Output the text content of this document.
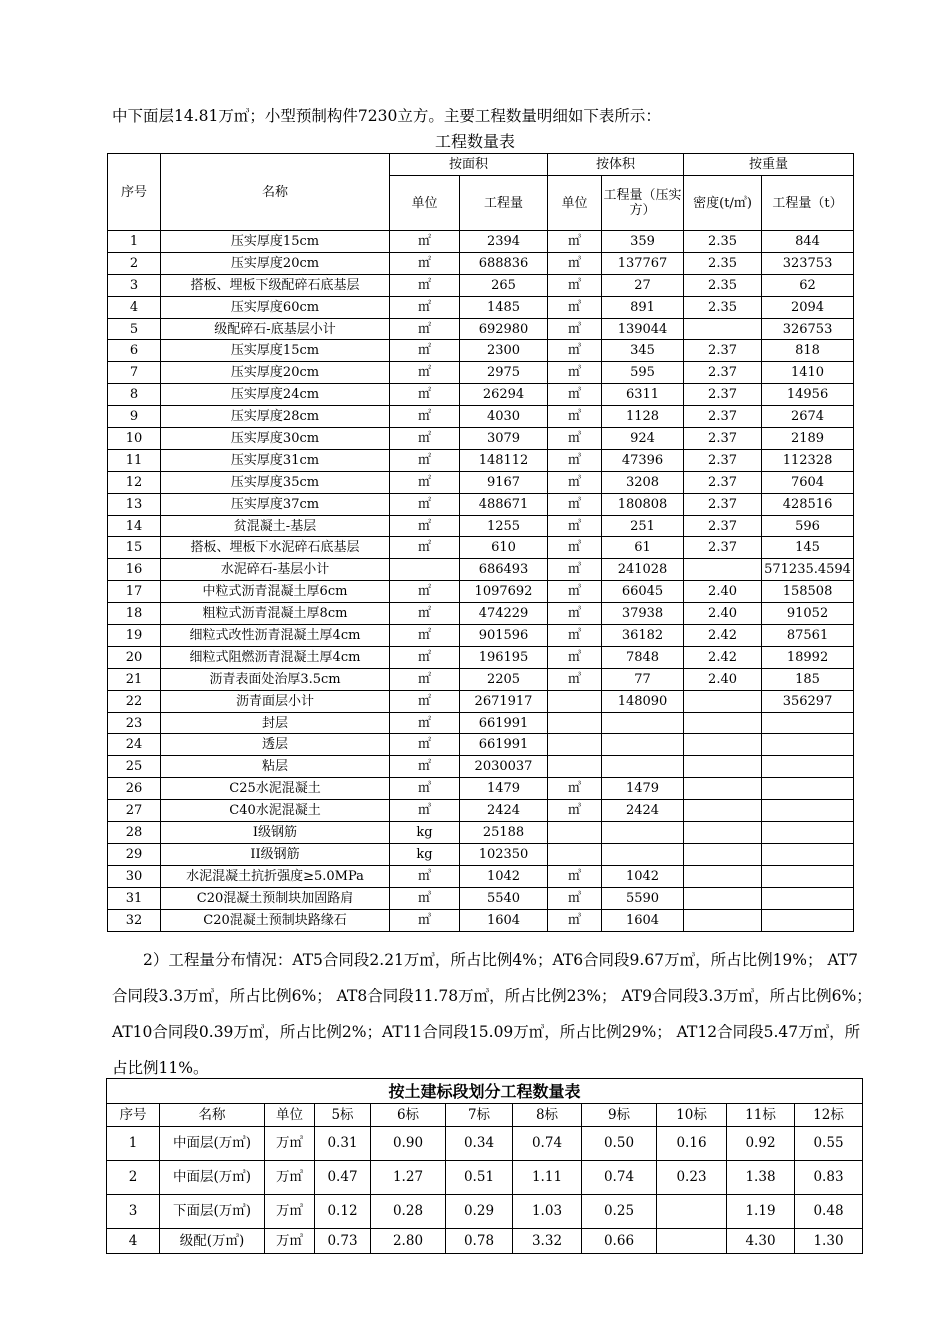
中下面层14.81万㎥；小型预制构件7230立方。主要工程数量明细如下表所示：
工程数量表
序号	名称	按面积		按体积		按重量	
		单位	工程量	单位	工程量（压实方）	密度(t/㎥)	工程量（t）
1	压实厚度15cm	㎡	2394	㎥	359	2.35	844
2	压实厚度20cm	㎡	688836	㎥	137767	2.35	323753
3	搭板、埋板下级配碎石底基层	㎡	265	㎥	27	2.35	62
4	压实厚度60cm	㎡	1485	㎥	891	2.35	2094
5	级配碎石-底基层小计	㎡	692980	㎥	139044		326753
6	压实厚度15cm	㎡	2300	㎥	345	2.37	818
7	压实厚度20cm	㎡	2975	㎥	595	2.37	1410
8	压实厚度24cm	㎡	26294	㎥	6311	2.37	14956
9	压实厚度28cm	㎡	4030	㎥	1128	2.37	2674
10	压实厚度30cm	㎡	3079	㎥	924	2.37	2189
11	压实厚度31cm	㎡	148112	㎥	47396	2.37	112328
12	压实厚度35cm	㎡	9167	㎥	3208	2.37	7604
13	压实厚度37cm	㎡	488671	㎥	180808	2.37	428516
14	贫混凝土-基层	㎡	1255	㎥	251	2.37	596
15	搭板、埋板下水泥碎石底基层	㎡	610	㎥	61	2.37	145
16	水泥碎石-基层小计		686493	㎥	241028		571235.4594
17	中粒式沥青混凝土厚6cm	㎡	1097692	㎥	66045	2.40	158508
18	粗粒式沥青混凝土厚8cm	㎡	474229	㎥	37938	2.40	91052
19	细粒式改性沥青混凝土厚4cm	㎡	901596	㎥	36182	2.42	87561
20	细粒式阻燃沥青混凝土厚4cm	㎡	196195	㎥	7848	2.42	18992
21	沥青表面处治厚3.5cm	㎡	2205	㎥	77	2.40	185
22	沥青面层小计	㎡	2671917		148090		356297
23	封层	㎡	661991				
24	透层	㎡	661991				
25	粘层	㎡	2030037				
26	C25水泥混凝土	㎥	1479	㎥	1479		
27	C40水泥混凝土	㎥	2424	㎥	2424		
28	I级钢筋	kg	25188				
29	II级钢筋	kg	102350				
30	水泥混凝土抗折强度≥5.0MPa	㎥	1042	㎥	1042		
31	C20混凝土预制块加固路肩	㎥	5540	㎥	5590		
32	C20混凝土预制块路缘石	㎥	1604	㎥	1604		
2）工程量分布情况：AT5合同段2.21万㎥，所占比例4%；AT6合同段9.67万㎥，所占比例19%； AT7合同段3.3万㎥，所占比例6%； AT8合同段11.78万㎥，所占比例23%； AT9合同段3.3万㎥，所占比例6%； AT10合同段0.39万㎥，所占比例2%；AT11合同段15.09万㎥，所占比例29%； AT12合同段5.47万㎥，所占比例11%。
按土建标段划分工程数量表										
序号	名称	单位	5标	6标	7标	8标	9标	10标	11标	12标
1	中面层(万㎥)	万㎥	0.31	0.90	0.34	0.74	0.50	0.16	0.92	0.55
2	中面层(万㎥)	万㎥	0.47	1.27	0.51	1.11	0.74	0.23	1.38	0.83
3	下面层(万㎥)	万㎥	0.12	0.28	0.29	1.03	0.25		1.19	0.48
4	级配(万㎥)	万㎥	0.73	2.80	0.78	3.32	0.66		4.30	1.30
